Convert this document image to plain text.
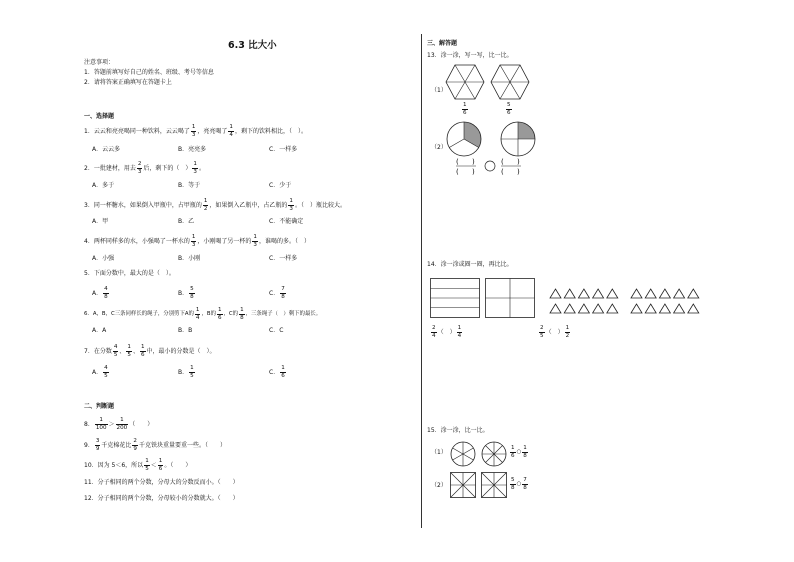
6.3 比大小
注意事项：
1．答题前填写好自己的姓名、班级、考号等信息
2．请将答案正确填写在答题卡上
一、选择题
1．云云和亮亮喝同一种饮料，云云喝了 $\frac{1}{3}$ ，亮亮喝了 $\frac{1}{4}$ ，剩下的饮料相比，（　）。
A．云云多	B．亮亮多	C．一样多
2．一批建材，用去 $\frac{2}{3}$ 后，剩下的（　） $\frac{1}{3}$ 。
A．多于	B．等于	C．少于
3．同一杯糖水，如果倒入甲瓶中，占甲瓶的 $\frac{1}{2}$ ，如果倒入乙瓶中，占乙瓶的 $\frac{1}{3}$ 。（　）瓶比较大。
A．甲	B．乙	C．不能确定
4．两杯同样多的水，小强喝了一杯水的 $\frac{1}{3}$ ，小刚喝了另一杯的 $\frac{1}{3}$ ，谁喝的多。（　）
A．小强	B．小刚	C．一样多
5．下面分数中，最大的是（　）。
A． $\frac{4}{8}$	B． $\frac{5}{8}$	C． $\frac{7}{8}$
6．A，B，C三条同样长的绳子，分别剪下A的 $\frac{1}{4}$ ，B的 $\frac{1}{6}$ ，C的 $\frac{1}{8}$ ，三条绳子（　）剩下的最长。
A．A	B．B	C．C
7．在分数 $\frac{4}{5}$ 、 $\frac{1}{5}$ 、 $\frac{1}{6}$ 中，最小的分数是（　）。
A． $\frac{4}{5}$	B． $\frac{1}{5}$	C． $\frac{1}{6}$
二、判断题
8． $\frac{1}{100} > \frac{1}{200}$ （　　）
9． $\frac{3}{9}$ 千克棉花比 $\frac{2}{9}$ 千克铁块重量要重一些。（　　）
10．因为 5＜6，所以 $\frac{1}{5} < \frac{1}{6}$ 。（　　）
11．分子相同的两个分数，分母大的分数反而小。（　　）
12．分子相同的两个分数，分母较小的分数就大。（　　）
三、解答题
13．涂一涂，写一写，比一比。
（1）
$\frac{1}{6}$	$\frac{5}{6}$
（2）
( )
( )
( )
( )
14．涂一涂或圈一圈，再比比。
$\frac{2}{4}$ （　） $\frac{1}{4}$	$\frac{2}{5}$ （　） $\frac{1}{2}$
15．涂一涂，比一比。
（1）	$\frac{1}{6}$ ○ $\frac{1}{8}$
（2）	$\frac{5}{8}$ ○ $\frac{7}{8}$
